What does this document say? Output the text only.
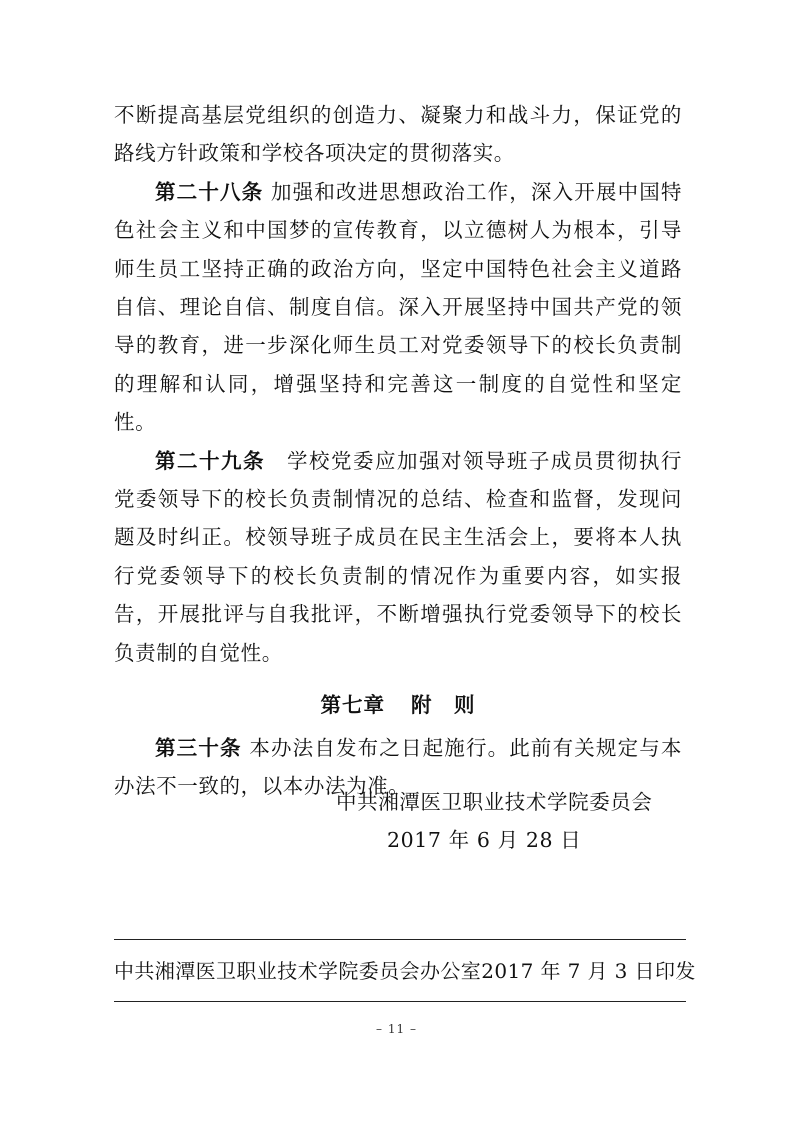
不断提高基层党组织的创造力、凝聚力和战斗力，保证党的路线方针政策和学校各项决定的贯彻落实。

第二十八条 加强和改进思想政治工作，深入开展中国特色社会主义和中国梦的宣传教育，以立德树人为根本，引导师生员工坚持正确的政治方向，坚定中国特色社会主义道路自信、理论自信、制度自信。深入开展坚持中国共产党的领导的教育，进一步深化师生员工对党委领导下的校长负责制的理解和认同，增强坚持和完善这一制度的自觉性和坚定性。

第二十九条　学校党委应加强对领导班子成员贯彻执行党委领导下的校长负责制情况的总结、检查和监督，发现问题及时纠正。校领导班子成员在民主生活会上，要将本人执行党委领导下的校长负责制的情况作为重要内容，如实报告，开展批评与自我批评，不断增强执行党委领导下的校长负责制的自觉性。

第七章 附　则

第三十条 本办法自发布之日起施行。此前有关规定与本办法不一致的，以本办法为准。

中共湘潭医卫职业技术学院委员会
2017 年 6 月 28 日
中共湘潭医卫职业技术学院委员会办公室 2017 年 7 月 3 日印发
– 11 –
